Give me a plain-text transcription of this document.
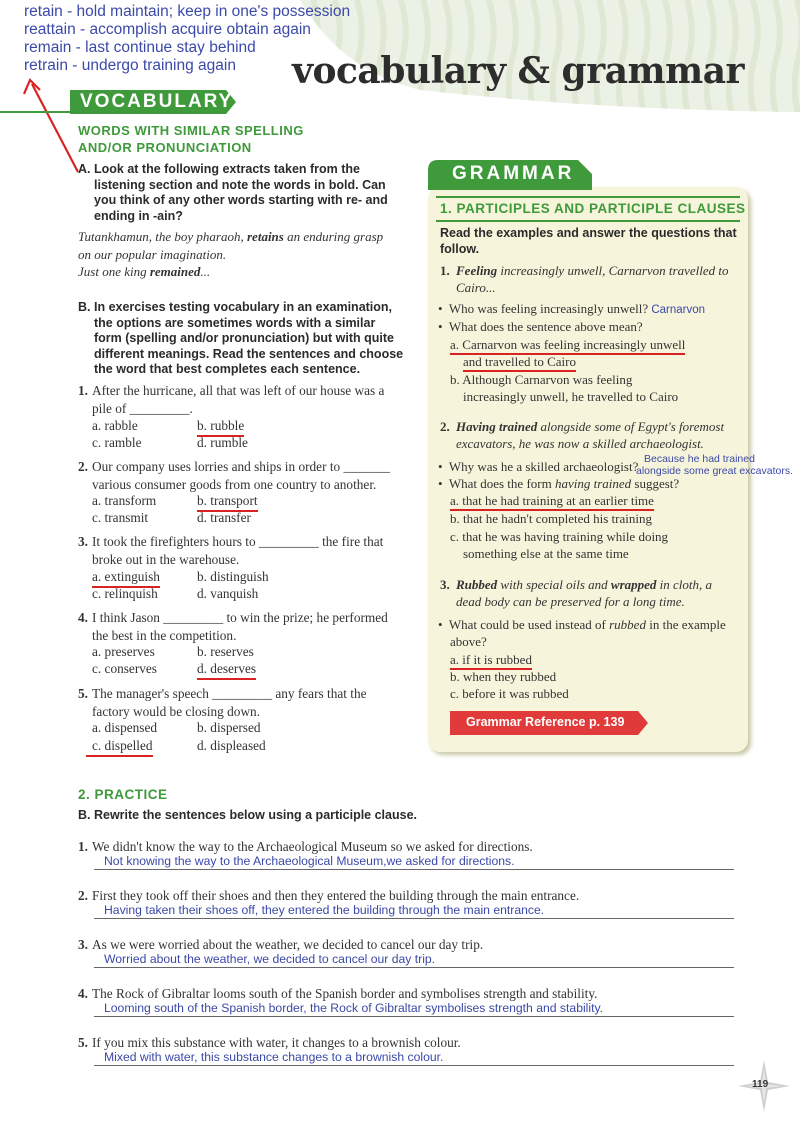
vocabulary & grammar
retain - hold maintain; keep in one's possession
reattain - accomplish acquire obtain again
remain - last continue stay behind
retrain - undergo training again
VOCABULARY
WORDS WITH SIMILAR SPELLING
AND/OR PRONUNCIATION
A. Look at the following extracts taken from the
listening section and note the words in bold. Can
you think of any other words starting with re- and
ending in -ain?
Tutankhamun, the boy pharaoh, retains an enduring grasp
on our popular imagination.
Just one king remained...
B. In exercises testing vocabulary in an examination,
the options are sometimes words with a similar
form (spelling and/or pronunciation) but with quite
different meanings. Read the sentences and choose
the word that best completes each sentence.
1. After the hurricane, all that was left of our house was a
pile of _________.
a. rabble	b. rubble
c. ramble	d. rumble
2. Our company uses lorries and ships in order to _______
various consumer goods from one country to another.
a. transform	b. transport
c. transmit	d. transfer
3. It took the firefighters hours to _________ the fire that
broke out in the warehouse.
a. extinguish	b. distinguish
c. relinquish	d. vanquish
4. I think Jason _________ to win the prize; he performed
the best in the competition.
a. preserves	b. reserves
c. conserves	d. deserves
5. The manager's speech _________ any fears that the
factory would be closing down.
a. dispensed	b. dispersed
c. dispelled	d. displeased
GRAMMAR
1. PARTICIPLES AND PARTICIPLE CLAUSES
Read the examples and answer the questions that
follow.
1. Feeling increasingly unwell, Carnarvon travelled to
Cairo...
•  Who was feeling increasingly unwell? Carnarvon
•  What does the sentence above mean?
a. Carnarvon was feeling increasingly unwell
and travelled to Cairo
b. Although Carnarvon was feeling
increasingly unwell, he travelled to Cairo
2. Having trained alongside some of Egypt's foremost
excavators, he was now a skilled archaeologist.
•  Why was he a skilled archaeologist? Because he had trained
alongside some great excavators.
•  What does the form having trained suggest?
a. that he had training at an earlier time
b. that he hadn't completed his training
c. that he was having training while doing
something else at the same time
3. Rubbed with special oils and wrapped in cloth, a
dead body can be preserved for a long time.
•  What could be used instead of rubbed in the example
above?
a. if it is rubbed
b. when they rubbed
c. before it was rubbed
Grammar Reference p. 139
2. PRACTICE
B. Rewrite the sentences below using a participle clause.
1. We didn't know the way to the Archaeological Museum so we asked for directions.
Not knowing the way to the Archaeological Museum,we asked for directions.
2. First they took off their shoes and then they entered the building through the main entrance.
Having taken their shoes off, they entered the building through the main entrance.
3. As we were worried about the weather, we decided to cancel our day trip.
Worried about the weather, we decided to cancel our day trip.
4. The Rock of Gibraltar looms south of the Spanish border and symbolises strength and stability.
Looming south of the Spanish border, the Rock of Gibraltar symbolises strength and stability.
5. If you mix this substance with water, it changes to a brownish colour.
Mixed with water, this substance changes to a brownish colour.
119
